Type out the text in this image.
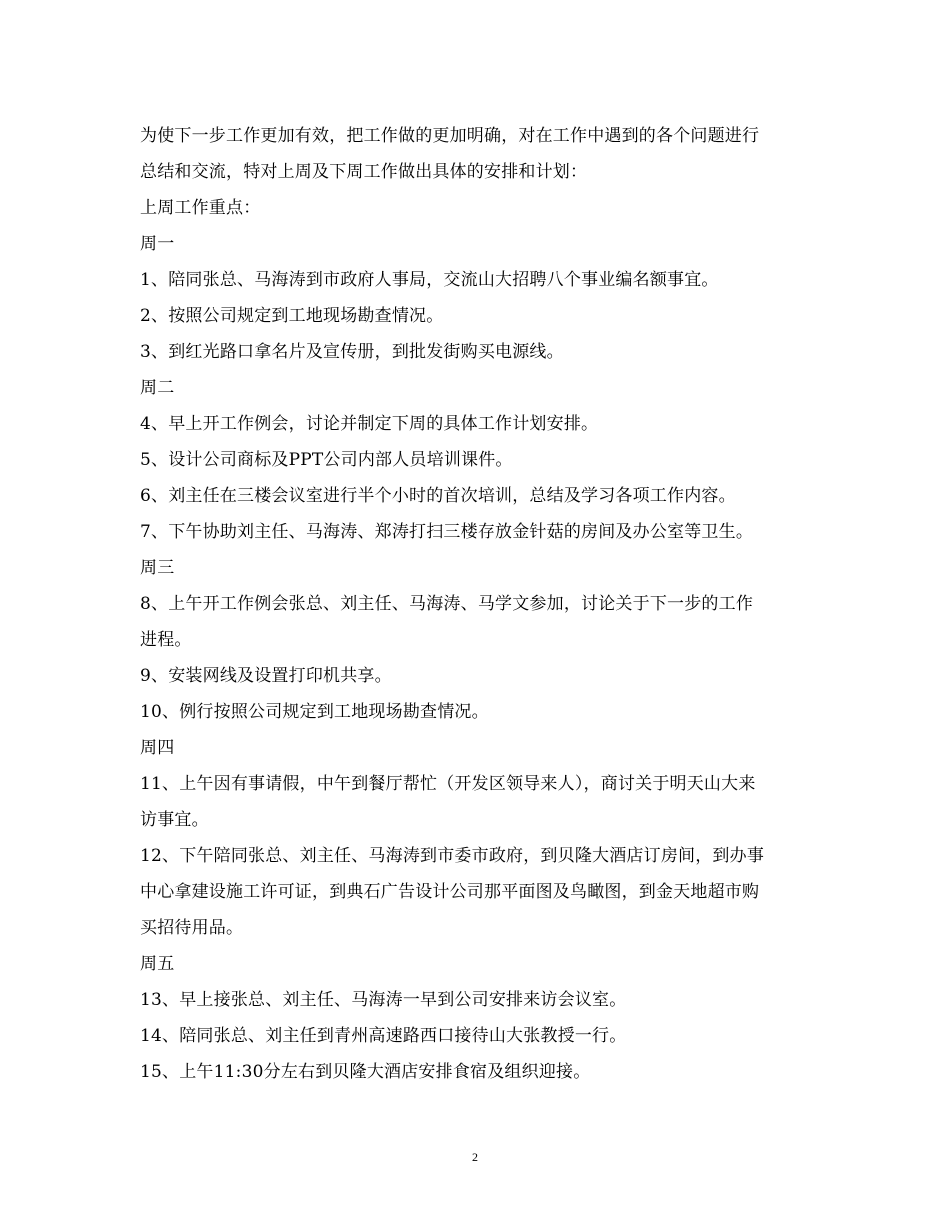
为使下一步工作更加有效，把工作做的更加明确，对在工作中遇到的各个问题进行
总结和交流，特对上周及下周工作做出具体的安排和计划：
上周工作重点：
周一
1、陪同张总、马海涛到市政府人事局，交流山大招聘八个事业编名额事宜。
2、按照公司规定到工地现场勘查情况。
3、到红光路口拿名片及宣传册，到批发街购买电源线。
周二
4、早上开工作例会，讨论并制定下周的具体工作计划安排。
5、设计公司商标及PPT公司内部人员培训课件。
6、刘主任在三楼会议室进行半个小时的首次培训，总结及学习各项工作内容。
7、下午协助刘主任、马海涛、郑涛打扫三楼存放金针菇的房间及办公室等卫生。
周三
8、上午开工作例会张总、刘主任、马海涛、马学文参加，讨论关于下一步的工作
进程。
9、安装网线及设置打印机共享。
10、例行按照公司规定到工地现场勘查情况。
周四
11、上午因有事请假，中午到餐厅帮忙（开发区领导来人），商讨关于明天山大来
访事宜。
12、下午陪同张总、刘主任、马海涛到市委市政府，到贝隆大酒店订房间，到办事
中心拿建设施工许可证，到典石广告设计公司那平面图及鸟瞰图，到金天地超市购
买招待用品。
周五
13、早上接张总、刘主任、马海涛一早到公司安排来访会议室。
14、陪同张总、刘主任到青州高速路西口接待山大张教授一行。
15、上午11:30分左右到贝隆大酒店安排食宿及组织迎接。
2
